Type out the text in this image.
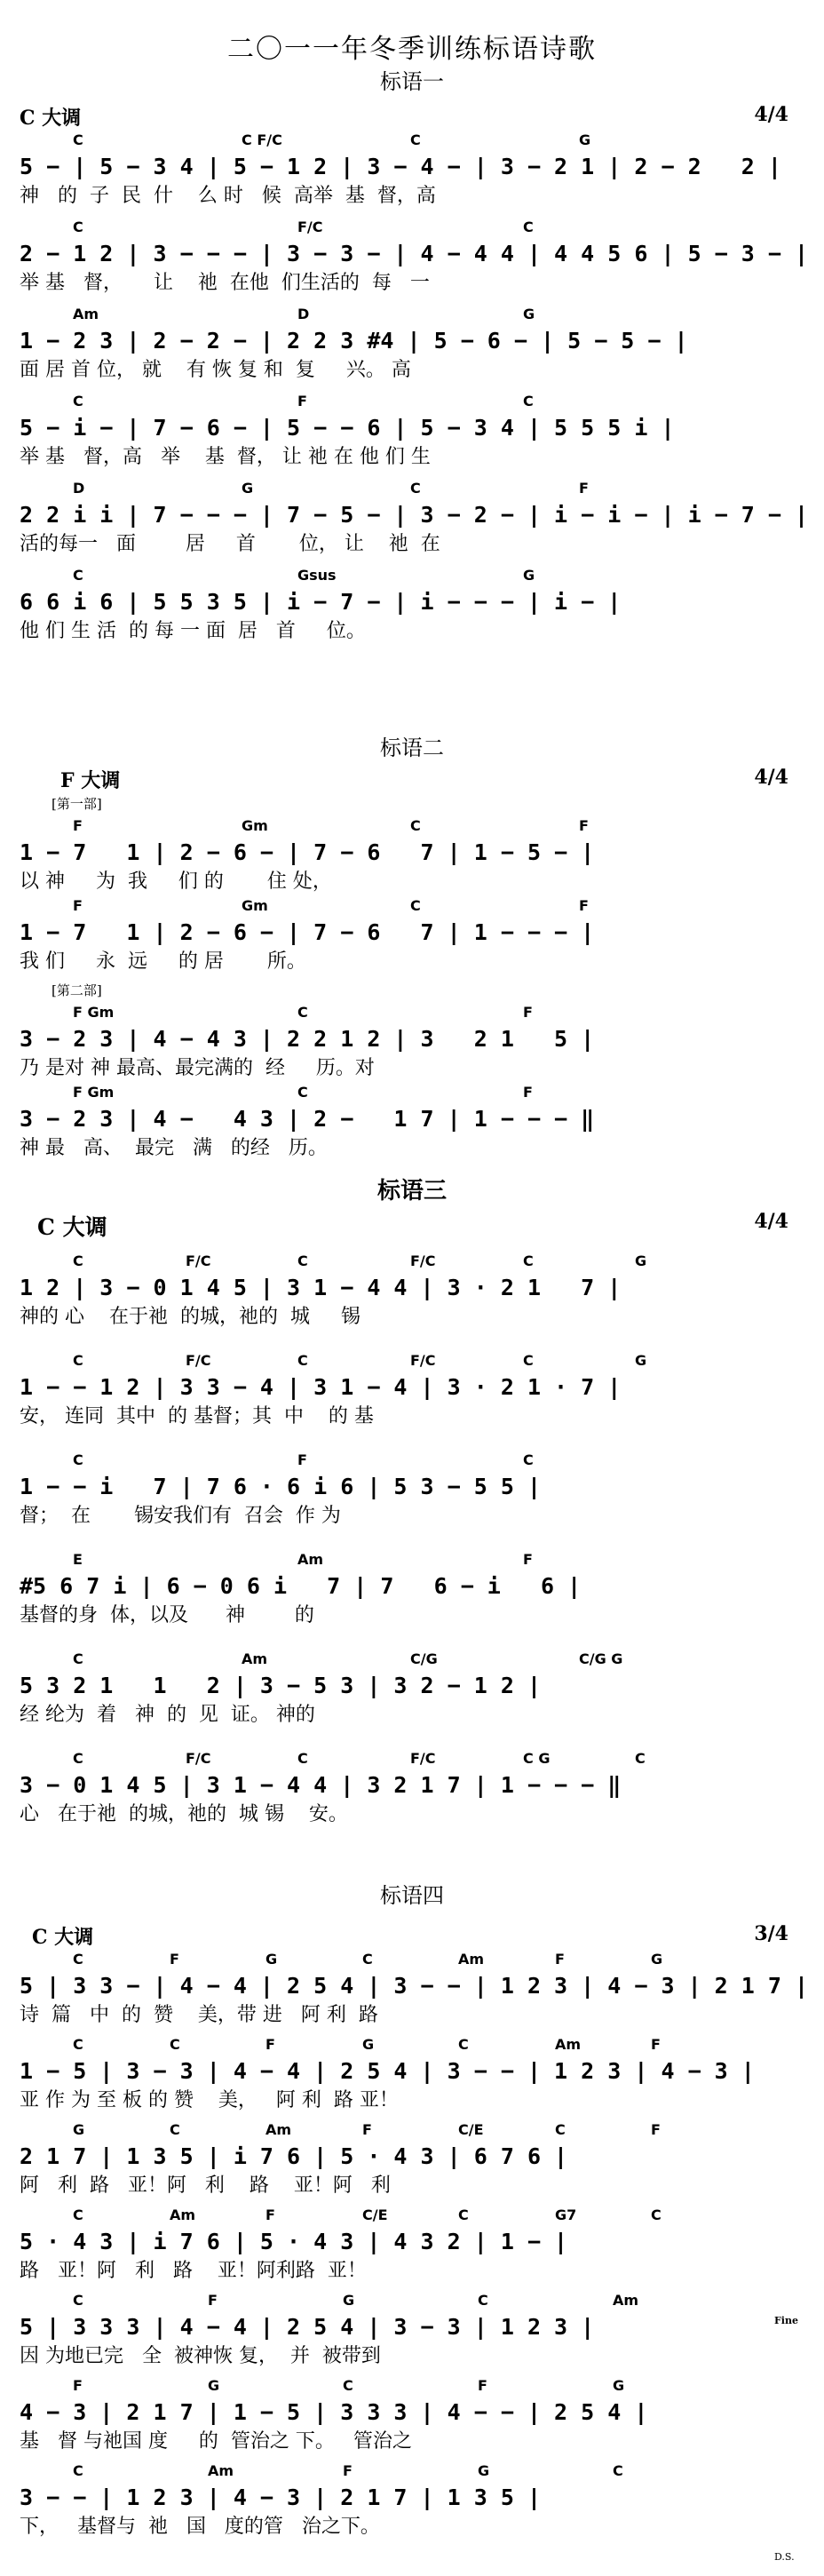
二〇一一年冬季训练标语诗歌
标语一
C 大调	4/4
C	C F/C	C	G
5 − | 5 − 3 4 | 5 − 1 2 | 3 − 4 − | 3 − 2 1 | 2 − 2   2 |
神   的  子  民  什    么 时   候  高举  基  督，高
C	F/C	C
2 − 1 2 | 3 − − − | 3 − 3 − | 4 − 4 4 | 4 4 5 6 | 5 − 3 − |
举 基   督，     让    祂  在他  们生活的  每   一
Am	D	G
1 − 2 3 | 2 − 2 − | 2 2 3 #4 | 5 − 6 − | 5 − 5 − |
面 居 首 位， 就    有 恢 复 和  复     兴。 高
C	F	C
5 − i − | 7 − 6 − | 5 − − 6 | 5 − 3 4 | 5 5 5 i |
举 基   督，高   举    基  督， 让 祂 在 他 们 生
D	G	C	F
2 2 i i | 7 − − − | 7 − 5 − | 3 − 2 − | i − i − | i − 7 − |
活的每一   面        居     首       位， 让    祂  在
C	Gsus	G
6 6 i 6 | 5 5 3 5 | i − 7 − | i − − − | i − |
他 们 生 活  的 每 一 面  居   首     位。
标语二
F 大调	4/4
[第一部]
[第二部]
F	Gm	C	F
1 − 7   1 | 2 − 6 − | 7 − 6   7 | 1 − 5 − |
以 神     为  我     们 的       住 处，
F	Gm	C	F
1 − 7   1 | 2 − 6 − | 7 − 6   7 | 1 − − − |
我 们     永  远     的 居       所。
F Gm	C	F
3 − 2 3 | 4 − 4 3 | 2 2 1 2 | 3   2 1   5 |
乃 是对 神 最高、最完满的  经     历。对
F Gm	C	F
3 − 2 3 | 4 −   4 3 | 2 −   1 7 | 1 − − − ‖
神 最   高、  最完   满   的经   历。
标语三
C 大调	4/4
C	F/C	C	F/C	C	G
1 2 | 3 − 0 1 4 5 | 3 1 − 4 4 | 3 · 2 1   7 |
神的 心    在于祂  的城，祂的  城     锡
C	F/C	C	F/C	C	G
1 − − 1 2 | 3 3 − 4 | 3 1 − 4 | 3 · 2 1 · 7 |
安， 连同  其中  的 基督；其  中    的 基
C	F	C
1 − − i   7 | 7 6 · 6 i 6 | 5 3 − 5 5 |
督；  在       锡安我们有  召会  作 为
E	Am	F
#5 6 7 i | 6 − 0 6 i   7 | 7   6 − i   6 |
基督的身  体，以及      神        的
C	Am	C/G	C/G G
5 3 2 1   1   2 | 3 − 5 3 | 3 2 − 1 2 |
经 纶为  着   神  的  见  证。 神的
C	F/C	C	F/C	C G	C
3 − 0 1 4 5 | 3 1 − 4 4 | 3 2 1 7 | 1 − − − ‖
心   在于祂  的城，祂的  城 锡    安。
标语四
C 大调	3/4
C	F	G	C	Am	F	G
5 | 3 3 − | 4 − 4 | 2 5 4 | 3 − − | 1 2 3 | 4 − 3 | 2 1 7 |
诗  篇   中  的  赞    美，带 进   阿 利  路
C	C	F	G	C	Am	F
1 − 5 | 3 − 3 | 4 − 4 | 2 5 4 | 3 − − | 1 2 3 | 4 − 3 |
亚 作 为 至 板 的 赞    美，   阿 利  路 亚！
G	C	Am	F	C/E	C	F
2 1 7 | 1 3 5 | i 7 6 | 5 · 4 3 | 6 7 6 |
阿   利  路   亚！阿   利    路    亚！阿   利
C	Am	F	C/E	C	G7	C
5 · 4 3 | i 7 6 | 5 · 4 3 | 4 3 2 | 1 − |
路   亚！阿   利   路    亚！阿利路  亚！
C	F	G	C	Am
5 | 3 3 3 | 4 − 4 | 2 5 4 | 3 − 3 | 1 2 3 |
因 为地已完   全  被神恢 复，  并  被带到
F	G	C	F	G
4 − 3 | 2 1 7 | 1 − 5 | 3 3 3 | 4 − − | 2 5 4 |
基   督 与祂国 度     的  管治之 下。   管治之
C	Am	F	G	C
3 − − | 1 2 3 | 4 − 3 | 2 1 7 | 1 3 5 |
下，   基督与  祂   国   度的管   治之下。
Fine
D.S.
